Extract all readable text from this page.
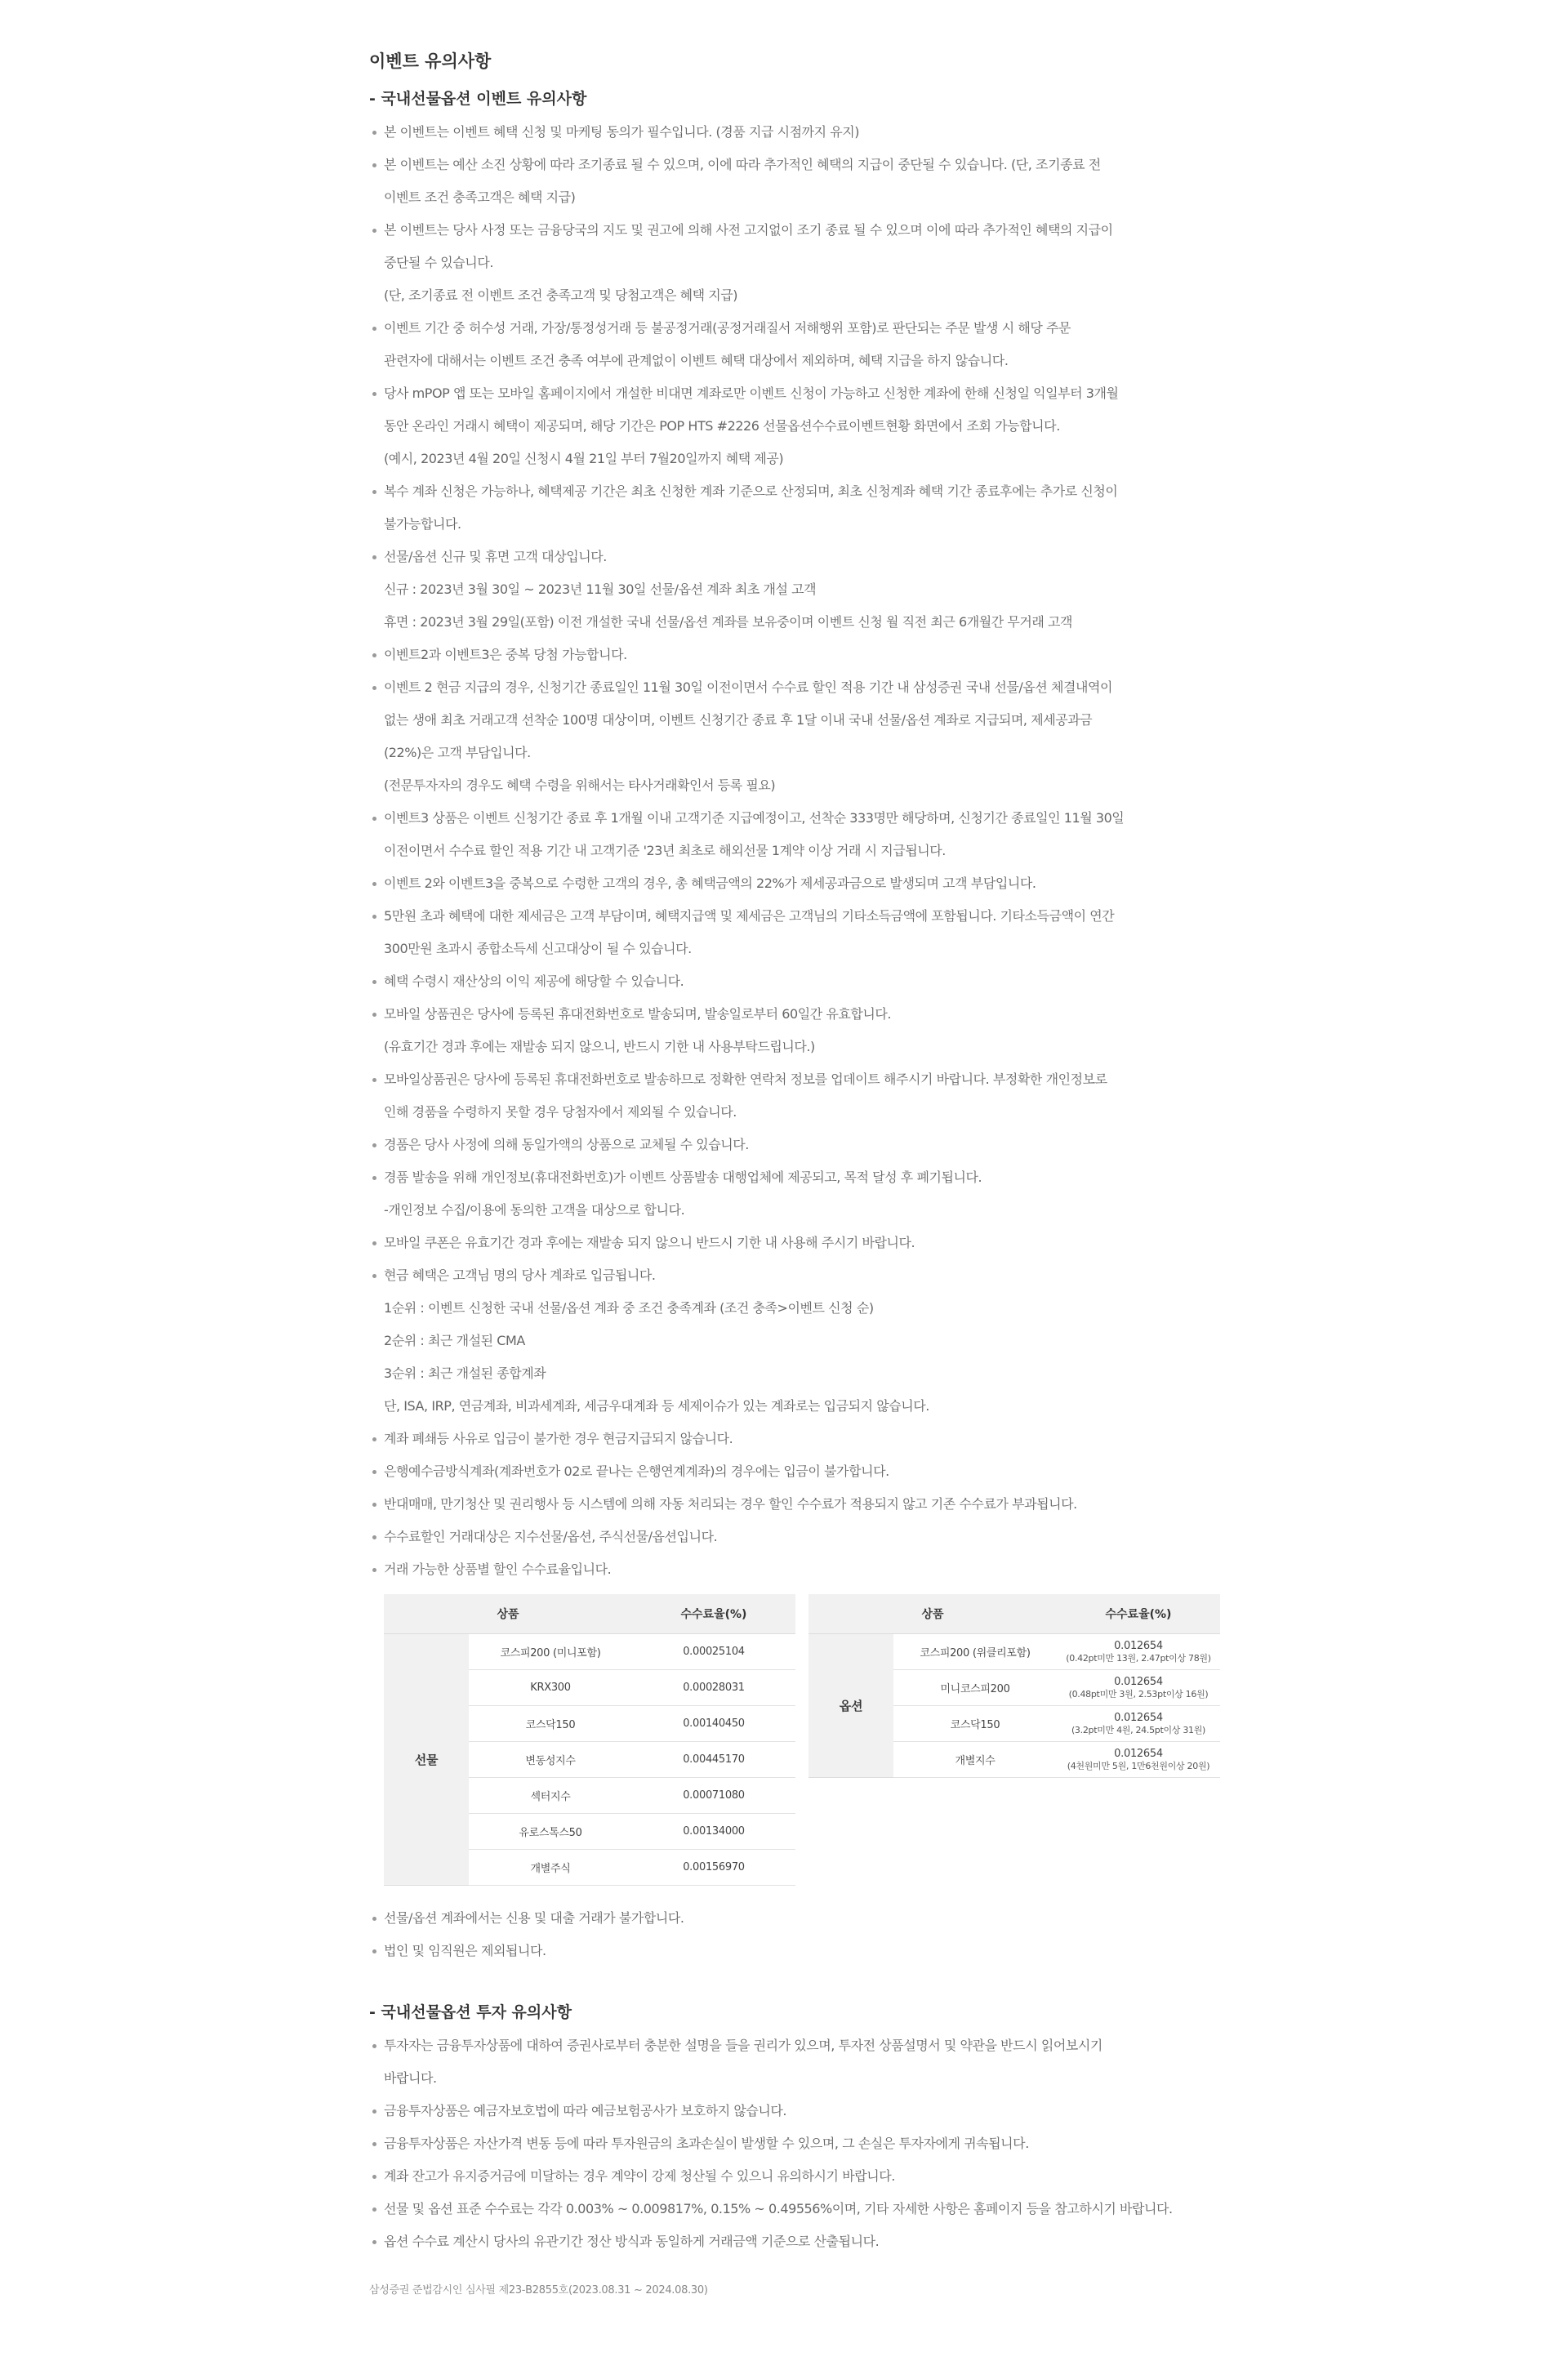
이벤트 유의사항
- 국내선물옵션 이벤트 유의사항
본 이벤트는 이벤트 혜택 신청 및 마케팅 동의가 필수입니다. (경품 지급 시점까지 유지)
본 이벤트는 예산 소진 상황에 따라 조기종료 될 수 있으며, 이에 따라 추가적인 혜택의 지급이 중단될 수 있습니다. (단, 조기종료 전
이벤트 조건 충족고객은 혜택 지급)
본 이벤트는 당사 사정 또는 금융당국의 지도 및 권고에 의해 사전 고지없이 조기 종료 될 수 있으며 이에 따라 추가적인 혜택의 지급이
중단될 수 있습니다.
(단, 조기종료 전 이벤트 조건 충족고객 및 당첨고객은 혜택 지급)
이벤트 기간 중 허수성 거래, 가장/통정성거래 등 불공정거래(공정거래질서 저해행위 포함)로 판단되는 주문 발생 시 해당 주문
관련자에 대해서는 이벤트 조건 충족 여부에 관계없이 이벤트 혜택 대상에서 제외하며, 혜택 지급을 하지 않습니다.
당사 mPOP 앱 또는 모바일 홈페이지에서 개설한 비대면 계좌로만 이벤트 신청이 가능하고 신청한 계좌에 한해 신청일 익일부터 3개월
동안 온라인 거래시 혜택이 제공되며, 해당 기간은 POP HTS #2226 선물옵션수수료이벤트현황 화면에서 조회 가능합니다.
(예시, 2023년 4월 20일 신청시 4월 21일 부터 7월20일까지 혜택 제공)
복수 계좌 신청은 가능하나, 혜택제공 기간은 최초 신청한 계좌 기준으로 산정되며, 최초 신청계좌 혜택 기간 종료후에는 추가로 신청이
불가능합니다.
선물/옵션 신규 및 휴면 고객 대상입니다.
신규 : 2023년 3월 30일 ~ 2023년 11월 30일 선물/옵션 계좌 최초 개설 고객
휴면 : 2023년 3월 29일(포함) 이전 개설한 국내 선물/옵션 계좌를 보유중이며 이벤트 신청 월 직전 최근 6개월간 무거래 고객
이벤트2과 이벤트3은 중복 당첨 가능합니다.
이벤트 2 현금 지급의 경우, 신청기간 종료일인 11월 30일 이전이면서 수수료 할인 적용 기간 내 삼성증권 국내 선물/옵션 체결내역이
없는 생애 최초 거래고객 선착순 100명 대상이며, 이벤트 신청기간 종료 후 1달 이내 국내 선물/옵션 계좌로 지급되며, 제세공과금
(22%)은 고객 부담입니다.
(전문투자자의 경우도 혜택 수령을 위해서는 타사거래확인서 등록 필요)
이벤트3 상품은 이벤트 신청기간 종료 후 1개월 이내 고객기준 지급예정이고, 선착순 333명만 해당하며, 신청기간 종료일인 11월 30일
이전이면서 수수료 할인 적용 기간 내 고객기준 '23년 최초로 해외선물 1계약 이상 거래 시 지급됩니다.
이벤트 2와 이벤트3을 중복으로 수령한 고객의 경우, 총 혜택금액의 22%가 제세공과금으로 발생되며 고객 부담입니다.
5만원 초과 혜택에 대한 제세금은 고객 부담이며, 혜택지급액 및 제세금은 고객님의 기타소득금액에 포함됩니다. 기타소득금액이 연간
300만원 초과시 종합소득세 신고대상이 될 수 있습니다.
혜택 수령시 재산상의 이익 제공에 해당할 수 있습니다.
모바일 상품권은 당사에 등록된 휴대전화번호로 발송되며, 발송일로부터 60일간 유효합니다.
(유효기간 경과 후에는 재발송 되지 않으니, 반드시 기한 내 사용부탁드립니다.)
모바일상품권은 당사에 등록된 휴대전화번호로 발송하므로 정확한 연락처 정보를 업데이트 해주시기 바랍니다. 부정확한 개인정보로
인해 경품을 수령하지 못할 경우 당첨자에서 제외될 수 있습니다.
경품은 당사 사정에 의해 동일가액의 상품으로 교체될 수 있습니다.
경품 발송을 위해 개인정보(휴대전화번호)가 이벤트 상품발송 대행업체에 제공되고, 목적 달성 후 폐기됩니다.
-개인정보 수집/이용에 동의한 고객을 대상으로 합니다.
모바일 쿠폰은 유효기간 경과 후에는 재발송 되지 않으니 반드시 기한 내 사용해 주시기 바랍니다.
현금 혜택은 고객님 명의 당사 계좌로 입금됩니다.
1순위 : 이벤트 신청한 국내 선물/옵션 계좌 중 조건 충족계좌 (조건 충족>이벤트 신청 순)
2순위 : 최근 개설된 CMA
3순위 : 최근 개설된 종합계좌
단, ISA, IRP, 연금계좌, 비과세계좌, 세금우대계좌 등 세제이슈가 있는 계좌로는 입금되지 않습니다.
계좌 폐쇄등 사유로 입금이 불가한 경우 현금지급되지 않습니다.
은행예수금방식계좌(계좌번호가 02로 끝나는 은행연계계좌)의 경우에는 입금이 불가합니다.
반대매매, 만기청산 및 권리행사 등 시스템에 의해 자동 처리되는 경우 할인 수수료가 적용되지 않고 기존 수수료가 부과됩니다.
수수료할인 거래대상은 지수선물/옵션, 주식선물/옵션입니다.
거래 가능한 상품별 할인 수수료율입니다.
상품		수수료율(%)
선물	코스피200 (미니포함)	0.00025104
	KRX300	0.00028031
	코스닥150	0.00140450
	변동성지수	0.00445170
	섹터지수	0.00071080
	유로스톡스50	0.00134000
	개별주식	0.00156970
상품		수수료율(%)
옵션	코스피200 (위클리포함)	0.012654
(0.42pt미만 13원, 2.47pt이상 78원)

	미니코스피200	0.012654
(0.48pt미만 3원, 2.53pt이상 16원)

	코스닥150	0.012654
(3.2pt미만 4원, 24.5pt이상 31원)

	개별지수	0.012654
(4천원미만 5원, 1만6천원이상 20원)
선물/옵션 계좌에서는 신용 및 대출 거래가 불가합니다.
법인 및 임직원은 제외됩니다.
- 국내선물옵션 투자 유의사항
투자자는 금융투자상품에 대하여 증권사로부터 충분한 설명을 들을 권리가 있으며, 투자전 상품설명서 및 약관을 반드시 읽어보시기
바랍니다.
금융투자상품은 예금자보호법에 따라 예금보험공사가 보호하지 않습니다.
금융투자상품은 자산가격 변동 등에 따라 투자원금의 초과손실이 발생할 수 있으며, 그 손실은 투자자에게 귀속됩니다.
계좌 잔고가 유지증거금에 미달하는 경우 계약이 강제 청산될 수 있으니 유의하시기 바랍니다.
선물 및 옵션 표준 수수료는 각각 0.003% ~ 0.009817%, 0.15% ~ 0.49556%이며, 기타 자세한 사항은 홈페이지 등을 참고하시기 바랍니다.
옵션 수수료 계산시 당사의 유관기간 정산 방식과 동일하게 거래금액 기준으로 산출됩니다.
삼성증권 준법감시인 심사필 제23-B2855호(2023.08.31 ~ 2024.08.30)
